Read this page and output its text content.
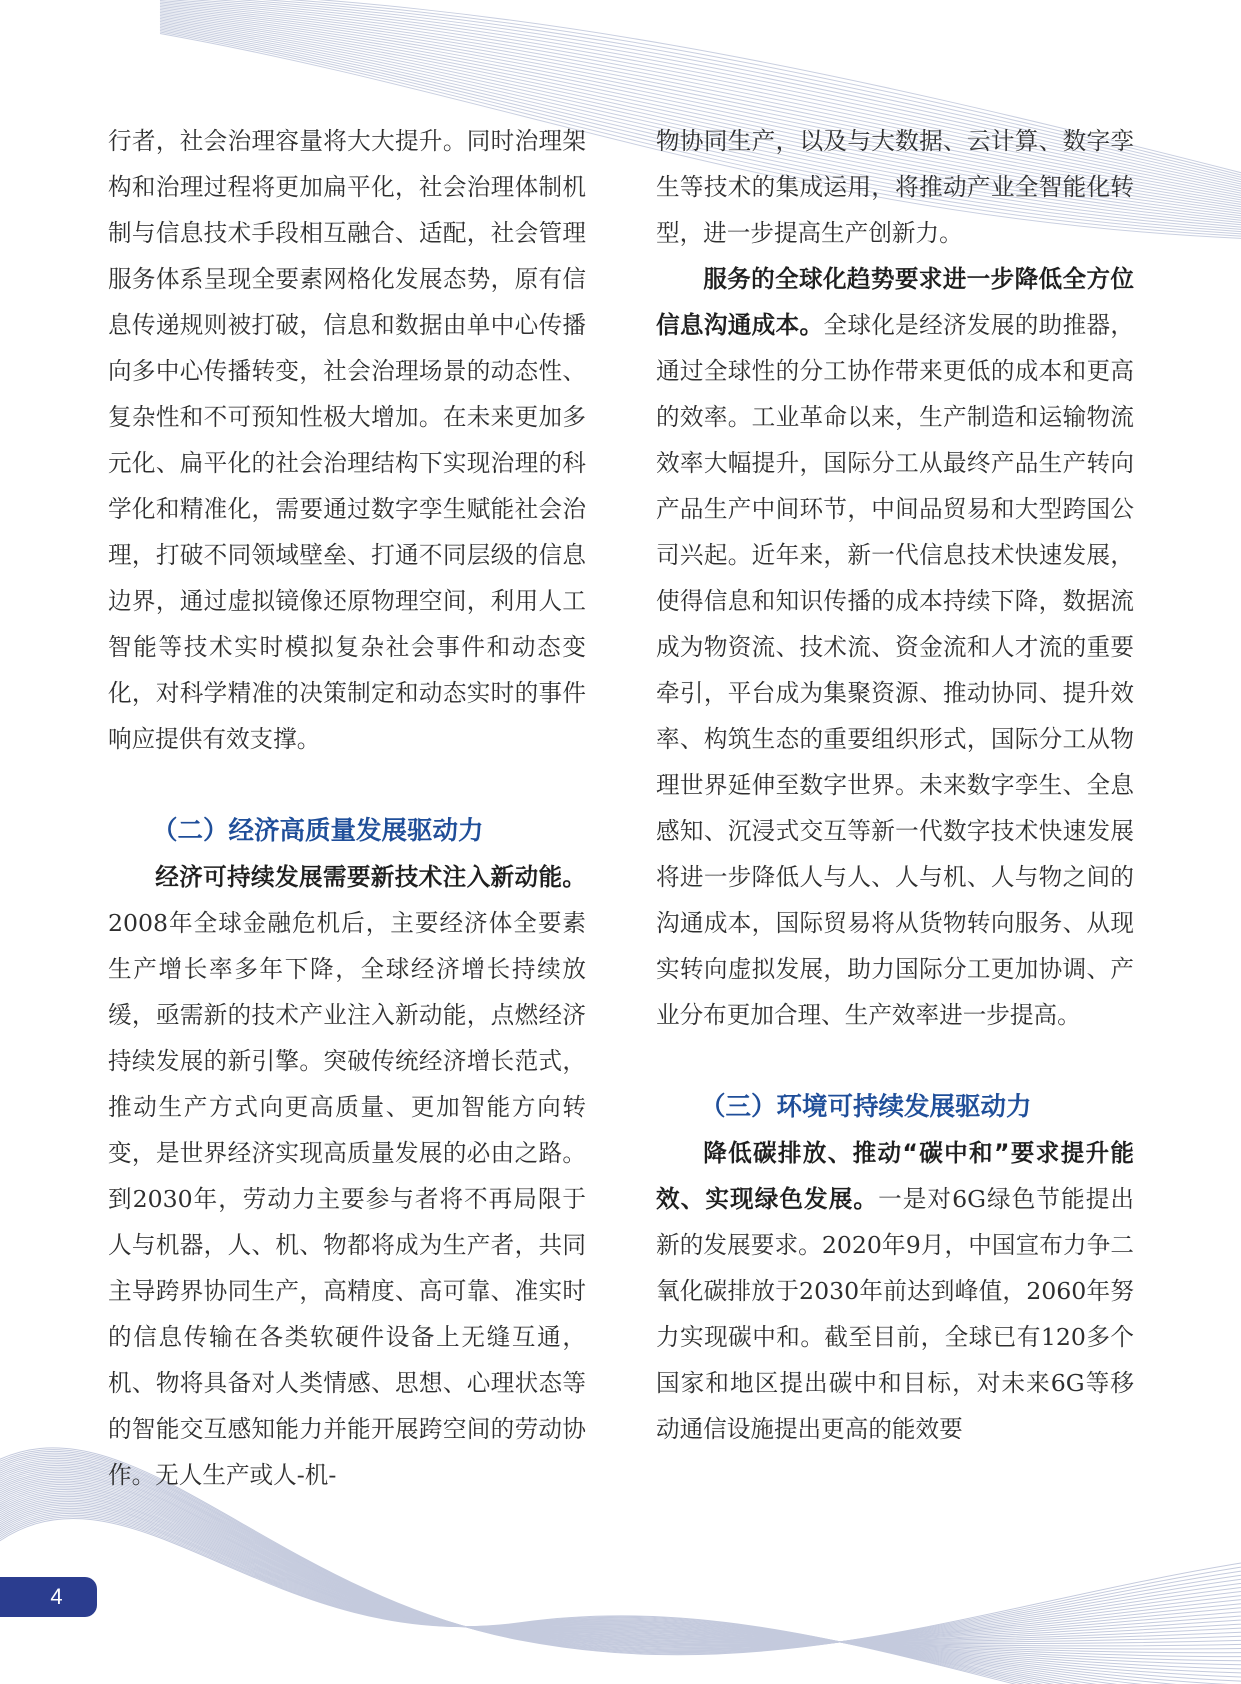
行者，社会治理容量将大大提升。同时治理架构和治理过程将更加扁平化，社会治理体制机制与信息技术手段相互融合、适配，社会管理服务体系呈现全要素网格化发展态势，原有信息传递规则被打破，信息和数据由单中心传播向多中心传播转变，社会治理场景的动态性、复杂性和不可预知性极大增加。在未来更加多元化、扁平化的社会治理结构下实现治理的科学化和精准化，需要通过数字孪生赋能社会治理，打破不同领域壁垒、打通不同层级的信息边界，通过虚拟镜像还原物理空间，利用人工智能等技术实时模拟复杂社会事件和动态变化，对科学精准的决策制定和动态实时的事件响应提供有效支撑。

（二）经济高质量发展驱动力

经济可持续发展需要新技术注入新动能。2008年全球金融危机后，主要经济体全要素生产增长率多年下降，全球经济增长持续放缓，亟需新的技术产业注入新动能，点燃经济持续发展的新引擎。突破传统经济增长范式，推动生产方式向更高质量、更加智能方向转变，是世界经济实现高质量发展的必由之路。到2030年，劳动力主要参与者将不再局限于人与机器，人、机、物都将成为生产者，共同主导跨界协同生产，高精度、高可靠、准实时的信息传输在各类软硬件设备上无缝互通，机、物将具备对人类情感、思想、心理状态等的智能交互感知能力并能开展跨空间的劳动协作。无人生产或人-机-

物协同生产，以及与大数据、云计算、数字孪生等技术的集成运用，将推动产业全智能化转型，进一步提高生产创新力。

服务的全球化趋势要求进一步降低全方位信息沟通成本。全球化是经济发展的助推器，通过全球性的分工协作带来更低的成本和更高的效率。工业革命以来，生产制造和运输物流效率大幅提升，国际分工从最终产品生产转向产品生产中间环节，中间品贸易和大型跨国公司兴起。近年来，新一代信息技术快速发展，使得信息和知识传播的成本持续下降，数据流成为物资流、技术流、资金流和人才流的重要牵引，平台成为集聚资源、推动协同、提升效率、构筑生态的重要组织形式，国际分工从物理世界延伸至数字世界。未来数字孪生、全息感知、沉浸式交互等新一代数字技术快速发展将进一步降低人与人、人与机、人与物之间的沟通成本，国际贸易将从货物转向服务、从现实转向虚拟发展，助力国际分工更加协调、产业分布更加合理、生产效率进一步提高。

（三）环境可持续发展驱动力

降低碳排放、推动“碳中和”要求提升能效、实现绿色发展。一是对6G绿色节能提出新的发展要求。2020年9月，中国宣布力争二氧化碳排放于2030年前达到峰值，2060年努力实现碳中和。截至目前，全球已有120多个国家和地区提出碳中和目标，对未来6G等移动通信设施提出更高的能效要

4
